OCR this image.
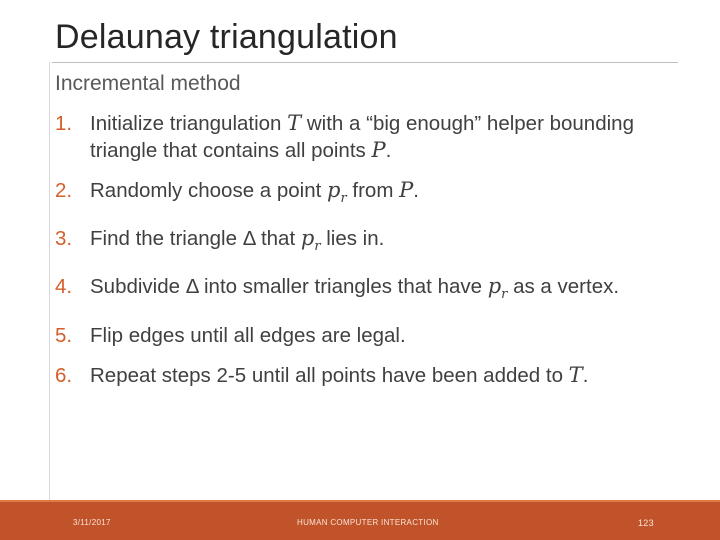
Delaunay triangulation
Incremental method
1. Initialize triangulation T with a “big enough” helper bounding triangle that contains all points P.
2. Randomly choose a point $p_r$ from P.
3. Find the triangle Δ that $p_r$ lies in.
4. Subdivide Δ into smaller triangles that have $p_r$ as a vertex.
5. Flip edges until all edges are legal.
6. Repeat steps 2-5 until all points have been added to T.
3/11/2017	HUMAN COMPUTER INTERACTION	123
